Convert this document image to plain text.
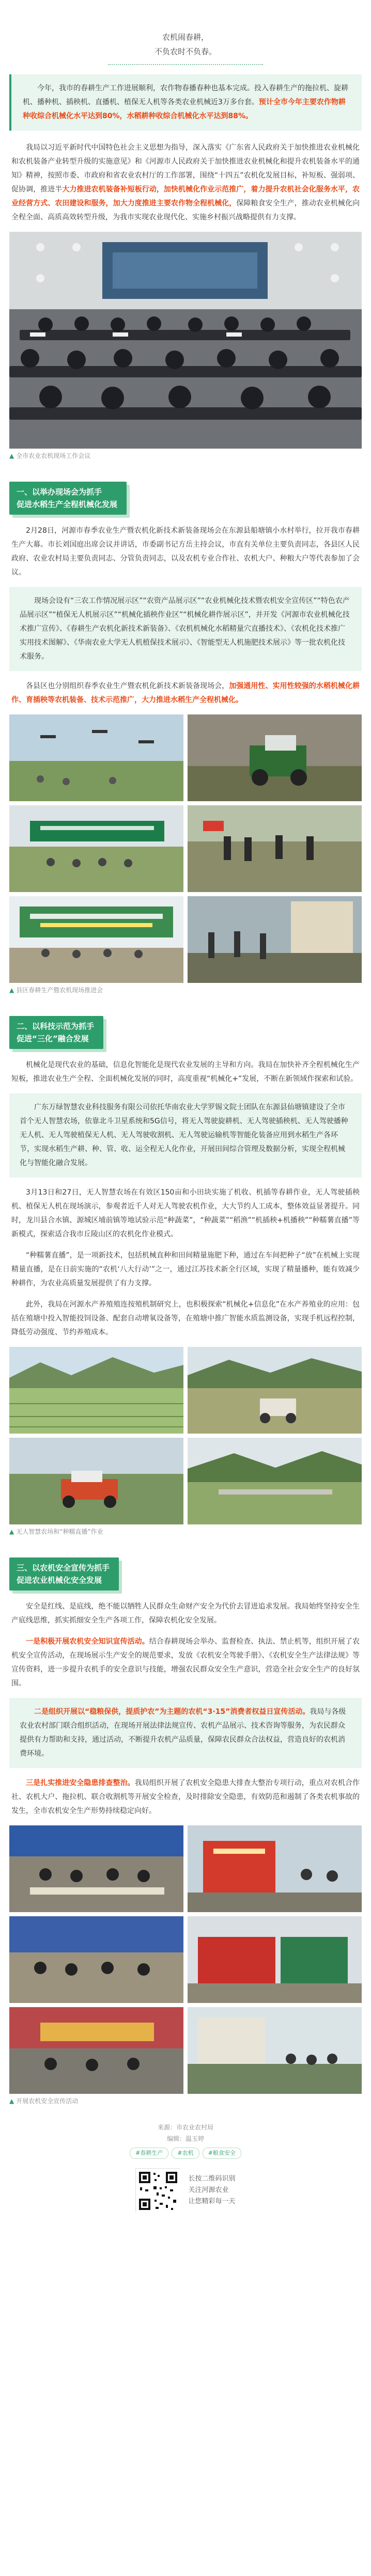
农机闹春耕，

不负农时不负春。

今年，我市的春耕生产工作进展顺利，农作物春播春种也基本完成。投入春耕生产的拖拉机、旋耕机、播种机、插秧机、直播机、植保无人机等各类农业机械近3万多台套。预计全市今年主要农作物耕种收综合机械化水平达到80%，水稻耕种收综合机械化水平达到88%。

我局以习近平新时代中国特色社会主义思想为指导，深入落实《广东省人民政府关于加快推进农业机械化和农机装备产业转型升级的实施意见》和《河源市人民政府关于加快推进农业机械化和提升农机装备水平的通知》精神，按照市委、市政府和省农业农村厅的工作部署，围绕“十四五”农机化发展目标，补短板、强弱项、促协调，推进半大力推进农机装备补短板行动，加快机械化作业示范推广，着力提升农机社会化服务水平，农业经营方式、农田建设和服务，加大力度推进主要农作物全程机械化，保障粮食安全生产，推动农业机械化向全程全面、高质高效转型升级，为我市实现农业现代化、实施乡村振兴战略提供有力支撑。

▲ 全市农业农机现场工作会议
一、以举办现场会为抓手
促进水稻生产全程机械化发展

2月28日，河源市春季农业生产暨农机化新技术新装备现场会在东源县船塘镇小水村举行，拉开我市春耕生产大幕。市长刘国庭出席会议并讲话，市委副书记方岳主持会议，市直有关单位主要负责同志，各县区人民政府、农业农村局主要负责同志、分管负责同志，以及农机专业合作社、农机大户、种粮大户等代表参加了会议。

现场会设有“三农工作情况展示区”“农资产品展示区”“农业机械化技术暨农机安全宣传区”“特色农产品展示区”“植保无人机展示区”“机械化插秧作业区”“机械化耕作展示区”，并开发《河源市农业机械化技术推广宣传》、《春耕生产农机化新技术新装备》、《农机机械化水稻精量穴直播技术》、《农机化技术推广实用技术图解》、《华南农业大学无人机植保技术展示》、《智能型无人机施肥技术展示》等一批农机化技术服务。

各县区也分别组织春季农业生产暨农机化新技术新装备现场会，加强通用性、实用性较强的水稻机械化耕作、育插秧等农机装备、技术示范推广，大力推进水稻生产全程机械化。

▲ 县区春耕生产暨农机现场推进会
二、以科技示范为抓手
促进“三化”融合发展

机械化是现代农业的基础，信息化智能化是现代农业发展的主导和方向。我局在加快补齐全程机械化生产短板，推进农业生产全程、全面机械化发展的同时，高度重视“机械化+”发展，不断在新领域作探索和试验。

广东万绿智慧农业科技服务有限公司依托华南农业大学罗锡文院士团队在东源县仙塘镇建设了全市首个无人智慧农场，依靠北斗卫星系统和5G信号，将无人驾驶旋耕机、无人驾驶插秧机、无人驾驶播种无人机、无人驾驶植保无人机、无人驾驶收割机、无人驾驶运输机等智能化装备应用到水稻生产各环节，实现水稻生产耕、种、管、收、运全程无人化作业，开展田间综合管理及数据分析，实现全程机械化与智能化融合发展。

3月13日和27日，无人智慧农场在有效区150亩和小田块实施了机收、机插等春耕作业，无人驾驶插秧机、植保无人机在现场演示，参观者近千人对无人驾驶农机作业，大大节约人工成本，整体效益显著提升。同时，龙川县合水镇、源城区埔前镇等地试验示范“种蔬菜”，“种蔬菜”“稻渔”“机插秧+机播秧”“种糯薯直播”等新模式，探索适合我市丘陵山区的农机化作业模式。

“种糯薯直播”，是一项新技术，包括机械直种和田间精量施肥下种，通过在车间把种子“放”在机械上实现精量直播，是在日前实施的“农机‘八大行动’”之一，通过江苏技术新全行区域，实现了精量播种，能有效减少种耕作，为农业高质量发展提供了有力支撑。

此外，我局在河源水产养殖殖连按殖机制研究上，也积极探索“机械化+信息化”在水产养殖业的应用：包括在殖塘中投入智能投饲设备、配套自动增氧设备等，在殖塘中推广智能水质监测设备，实现手机远程控制，降低劳动强度、节约养殖成本。

▲ 无人智慧农场和“种糯直播”作业
三、以农机安全宣传为抓手
促进农业机械化安全发展

安全是红线、是底线，绝不能以牺牲人民群众生命财产安全为代价去冒进追求发展。我局始终坚持安全生产底线思维，抓实抓细安全生产各项工作，保障农机化安全发展。

一是积极开展农机安全知识宣传活动。结合春耕现场会举办、监督检查、执法、禁止机等，组织开展了农机安全宣传活动，在现场展示生产安全的规范要求，发放《农机安全驾驶手册》、《农机安全生产法律法规》等宣传资料，进一步提升农机手的安全意识与技能，增强农民群众安全生产意识，营造全社会安全生产的良好氛围。

二是组织开展以“稳粮保供，提质护农”为主题的农机“3·15”消费者权益日宣传活动。我局与各级农业农村部门联合组织活动，在现场开展法律法规宣传、农机产品展示、技术咨询等服务，为农民群众提供有力帮助和支持，通过活动，不断提升农机产品质量，保障农民群众合法权益，营造良好的农机消费环境。

三是扎实推进安全隐患排查整治。我局组织开展了农机安全隐患大排查大整治专项行动，重点对农机合作社、农机大户、拖拉机、联合收割机等开展安全检查，及时排除安全隐患，有效防范和遏制了各类农机事故的发生，全市农机安全生产形势持续稳定向好。

▲ 开展农机安全宣传活动
来源：市农业农村局
编辑：温玉婷
#春耕生产	#农机	#粮食安全
长按二维码识别
关注河源农业
让您精彩每一天
